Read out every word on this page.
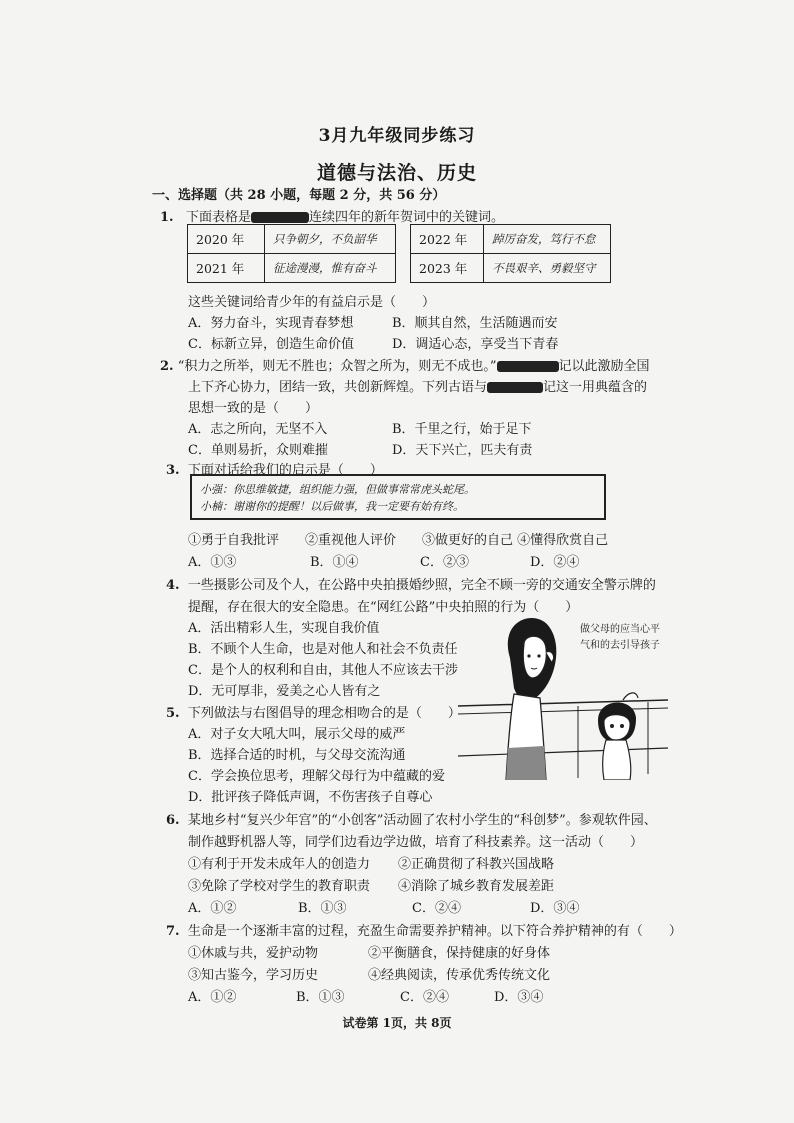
3月九年级同步练习
道德与法治、历史
一、选择题（共 28 小题，每题 2 分，共 56 分）
1. 下面表格是	连续四年的新年贺词中的关键词。
2020 年	只争朝夕，不负韶华		2022 年	踔厉奋发，笃行不怠
2021 年	征途漫漫，惟有奋斗		2023 年	不畏艰辛、勇毅坚守
这些关键词给青少年的有益启示是（　　）
A．努力奋斗，实现青春梦想	B．顺其自然，生活随遇而安
C．标新立异，创造生命价值	D．调适心态，享受当下青春
2. “积力之所举，则无不胜也；众智之所为，则无不成也。”	记以此激励全国
上下齐心协力，团结一致，共创新辉煌。下列古语与	记这一用典蕴含的
思想一致的是（　　）
A．志之所向，无坚不入	B．千里之行，始于足下
C．单则易折，众则难摧	D．天下兴亡，匹夫有责
3. 下面对话给我们的启示是（　　）
小强：你思维敏捷，组织能力强，但做事常常虎头蛇尾。
小楠：谢谢你的提醒！以后做事，我一定要有始有终。
①勇于自我批评　　②重视他人评价　　③做更好的自己 ④懂得欣赏自己
A．①③	B．①④	C．②③	D．②④
4. 一些摄影公司及个人，在公路中央拍摄婚纱照，完全不顾一旁的交通安全警示牌的
提醒，存在很大的安全隐患。在“网红公路”中央拍照的行为（　　）
A．活出精彩人生，实现自我价值
B．不顾个人生命，也是对他人和社会不负责任
C．是个人的权利和自由，其他人不应该去干涉
D．无可厚非，爱美之心人皆有之
做父母的应当心平
气和的去引导孩子
5. 下列做法与右图倡导的理念相吻合的是（　　）
A．对子女大吼大叫，展示父母的威严
B．选择合适的时机，与父母交流沟通
C．学会换位思考，理解父母行为中蕴藏的爱
D．批评孩子降低声调，不伤害孩子自尊心
6. 某地乡村“复兴少年宫”的“小创客”活动圆了农村小学生的“科创梦”。参观软件园、
制作越野机器人等，同学们边看边学边做，培育了科技素养。这一活动（　　）
①有利于开发未成年人的创造力 ②正确贯彻了科教兴国战略
③免除了学校对学生的教育职责 ④消除了城乡教育发展差距
A．①②	B．①③	C．②④	D．③④
7. 生命是一个逐渐丰富的过程，充盈生命需要养护精神。以下符合养护精神的有（　　）
①休戚与共，爱护动物	②平衡膳食，保持健康的好身体
③知古鉴今，学习历史	④经典阅读，传承优秀传统文化
A．①②	B．①③	C．②④	D．③④
试卷第 1页，共 8页
